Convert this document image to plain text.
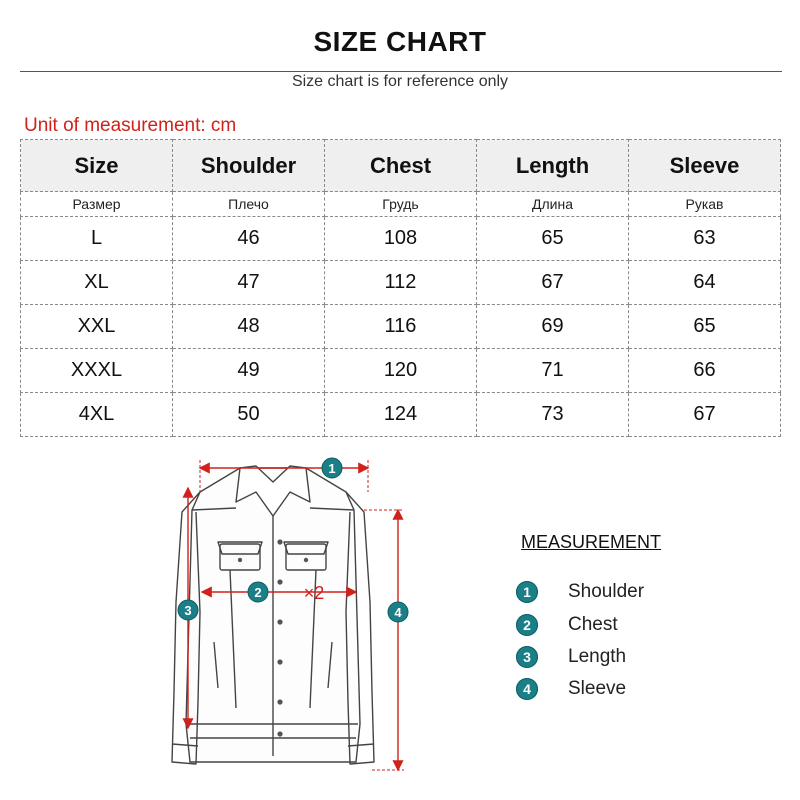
SIZE CHART
Size chart is for reference only
Unit of measurement: cm
Size	Shoulder	Chest	Length	Sleeve
Размер	Плечо	Грудь	Длина	Рукав
L	46	108	65	63
XL	47	112	67	64
XXL	48	116	69	65
XXXL	49	120	71	66
4XL	50	124	73	67
1
2 ×2
3	4
MEASUREMENT
1	Shoulder
2	Chest
3	Length
4	Sleeve
